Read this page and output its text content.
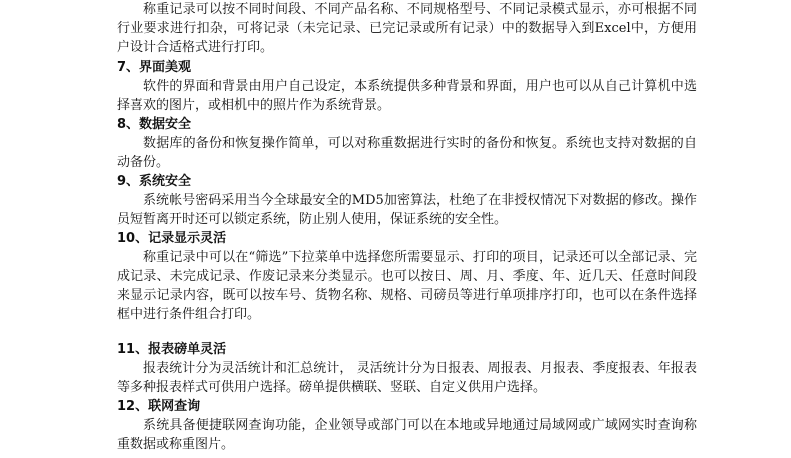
称重记录可以按不同时间段、不同产品名称、不同规格型号、不同记录模式显示，亦可根据不同行业要求进行扣杂，可将记录（未完记录、已完记录或所有记录）中的数据导入到Excel中，方便用户设计合适格式进行打印。
7、界面美观
软件的界面和背景由用户自己设定，本系统提供多种背景和界面，用户也可以从自己计算机中选择喜欢的图片，或相机中的照片作为系统背景。
8、数据安全
数据库的备份和恢复操作简单，可以对称重数据进行实时的备份和恢复。系统也支持对数据的自动备份。
9、系统安全
系统帐号密码采用当今全球最安全的MD5加密算法，杜绝了在非授权情况下对数据的修改。操作员短暂离开时还可以锁定系统，防止别人使用，保证系统的安全性。
10、记录显示灵活
称重记录中可以在“筛选”下拉菜单中选择您所需要显示、打印的项目，记录还可以全部记录、完成记录、未完成记录、作废记录来分类显示。也可以按日、周、月、季度、年、近几天、任意时间段来显示记录内容，既可以按车号、货物名称、规格、司磅员等进行单项排序打印，也可以在条件选择框中进行条件组合打印。
11、报表磅单灵活
报表统计分为灵活统计和汇总统计， 灵活统计分为日报表、周报表、月报表、季度报表、年报表等多种报表样式可供用户选择。磅单提供横联、竖联、自定义供用户选择。
12、联网查询
系统具备便捷联网查询功能，企业领导或部门可以在本地或异地通过局域网或广域网实时查询称重数据或称重图片。
